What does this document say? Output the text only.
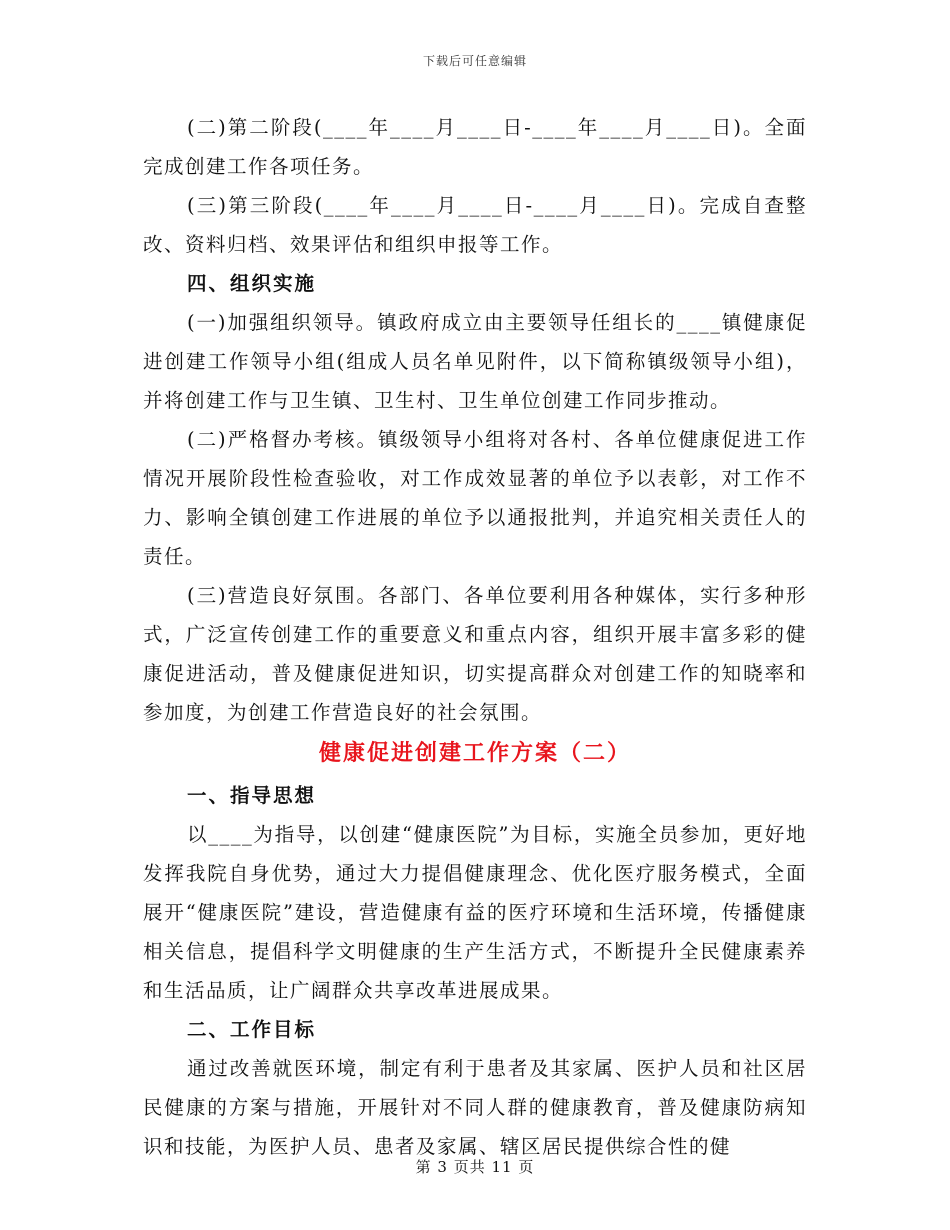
下载后可任意编辑

(二)第二阶段(____年____月____日-____年____月____日)。全面完成创建工作各项任务。

(三)第三阶段(____年____月____日-____月____日)。完成自查整改、资料归档、效果评估和组织申报等工作。

四、组织实施

(一)加强组织领导。镇政府成立由主要领导任组长的____镇健康促进创建工作领导小组(组成人员名单见附件，以下简称镇级领导小组)，并将创建工作与卫生镇、卫生村、卫生单位创建工作同步推动。

(二)严格督办考核。镇级领导小组将对各村、各单位健康促进工作情况开展阶段性检查验收，对工作成效显著的单位予以表彰，对工作不力、影响全镇创建工作进展的单位予以通报批判，并追究相关责任人的责任。

(三)营造良好氛围。各部门、各单位要利用各种媒体，实行多种形式，广泛宣传创建工作的重要意义和重点内容，组织开展丰富多彩的健康促进活动，普及健康促进知识，切实提高群众对创建工作的知晓率和参加度，为创建工作营造良好的社会氛围。

健康促进创建工作方案（二）

一、指导思想

以____为指导，以创建“健康医院”为目标，实施全员参加，更好地发挥我院自身优势，通过大力提倡健康理念、优化医疗服务模式，全面展开“健康医院”建设，营造健康有益的医疗环境和生活环境，传播健康相关信息，提倡科学文明健康的生产生活方式，不断提升全民健康素养和生活品质，让广阔群众共享改革进展成果。

二、工作目标

通过改善就医环境，制定有利于患者及其家属、医护人员和社区居民健康的方案与措施，开展针对不同人群的健康教育，普及健康防病知识和技能，为医护人员、患者及家属、辖区居民提供综合性的健

第 3 页共 11 页
